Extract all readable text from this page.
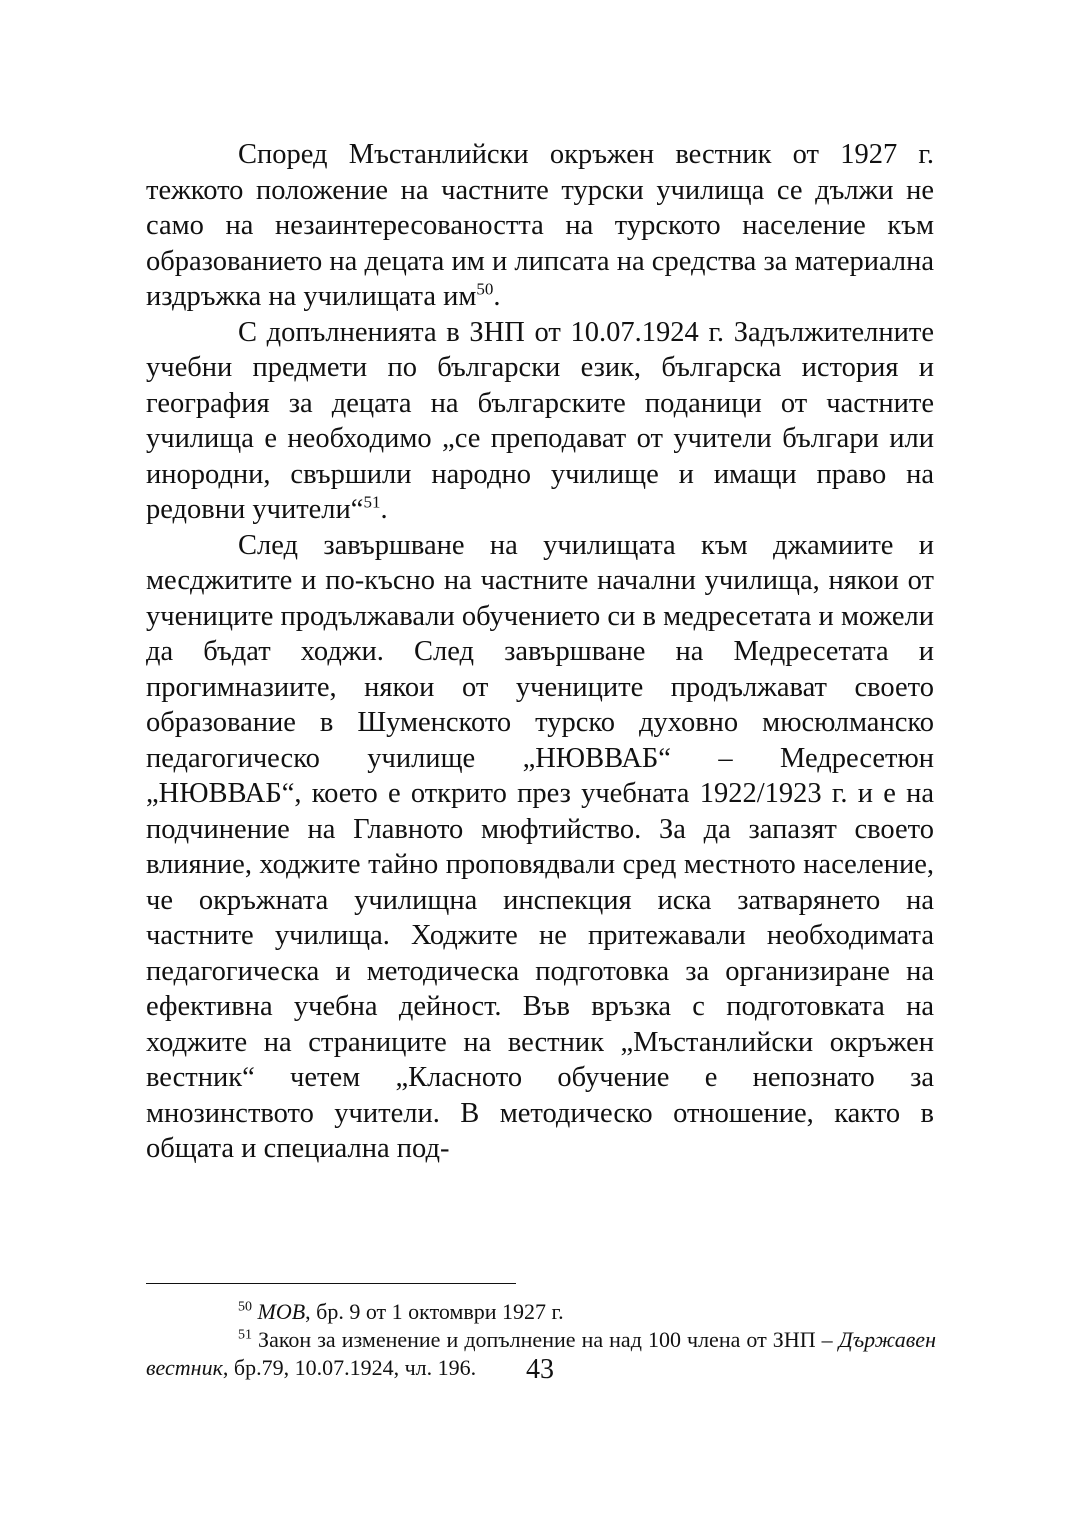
Според Мъстанлийски окръжен вестник от 1927 г. тежкото положение на частните турски училища се дължи не само на незаинтересоваността на турското население към образованието на децата им и липсата на средства за материална издръжка на училищата $им^{50}$.

С допълненията в ЗНП от 10.07.1924 г. Задължителните учебни предмети по български език, българска история и география за децата на българските поданици от частните училища е необходимо „се преподават от учители българи или инородни, свършили народно училище и имащи право на редовни учители“$^{51}$.

След завършване на училищата към джамиите и месджитите и по-късно на частните начални училища, някои от учениците продължавали обучението си в медресетата и можели да бъдат ходжи. След завършване на Медресетата и прогимназиите, някои от учениците продължават своето образование в Шуменското турско духовно мюсюлманско педагогическо училище „НЮВВАБ“ – Медресетюн „НЮВВАБ“, което е открито през учебната 1922/1923 г. и е на подчинение на Главното мюфтийство. За да запазят своето влияние, ходжите тайно проповядвали сред местното население, че окръжната училищна инспекция иска затварянето на частните училища. Ходжите не притежавали необходимата педагогическа и методическа подготовка за организиране на ефективна учебна дейност. Във връзка с подготовката на ходжите на страниците на вестник „Мъстанлийски окръжен вестник“ четем „Класното обучение е непознато за мнозинството учители. В методическо отношение, както в общата и специална под-

$^{50}$ МОВ, бр. 9 от 1 октомври 1927 г.

$^{51}$ Закон за изменение и допълнение на над 100 члена от ЗНП – Държавен вестник, бр.79, 10.07.1924, чл. 196.	43
